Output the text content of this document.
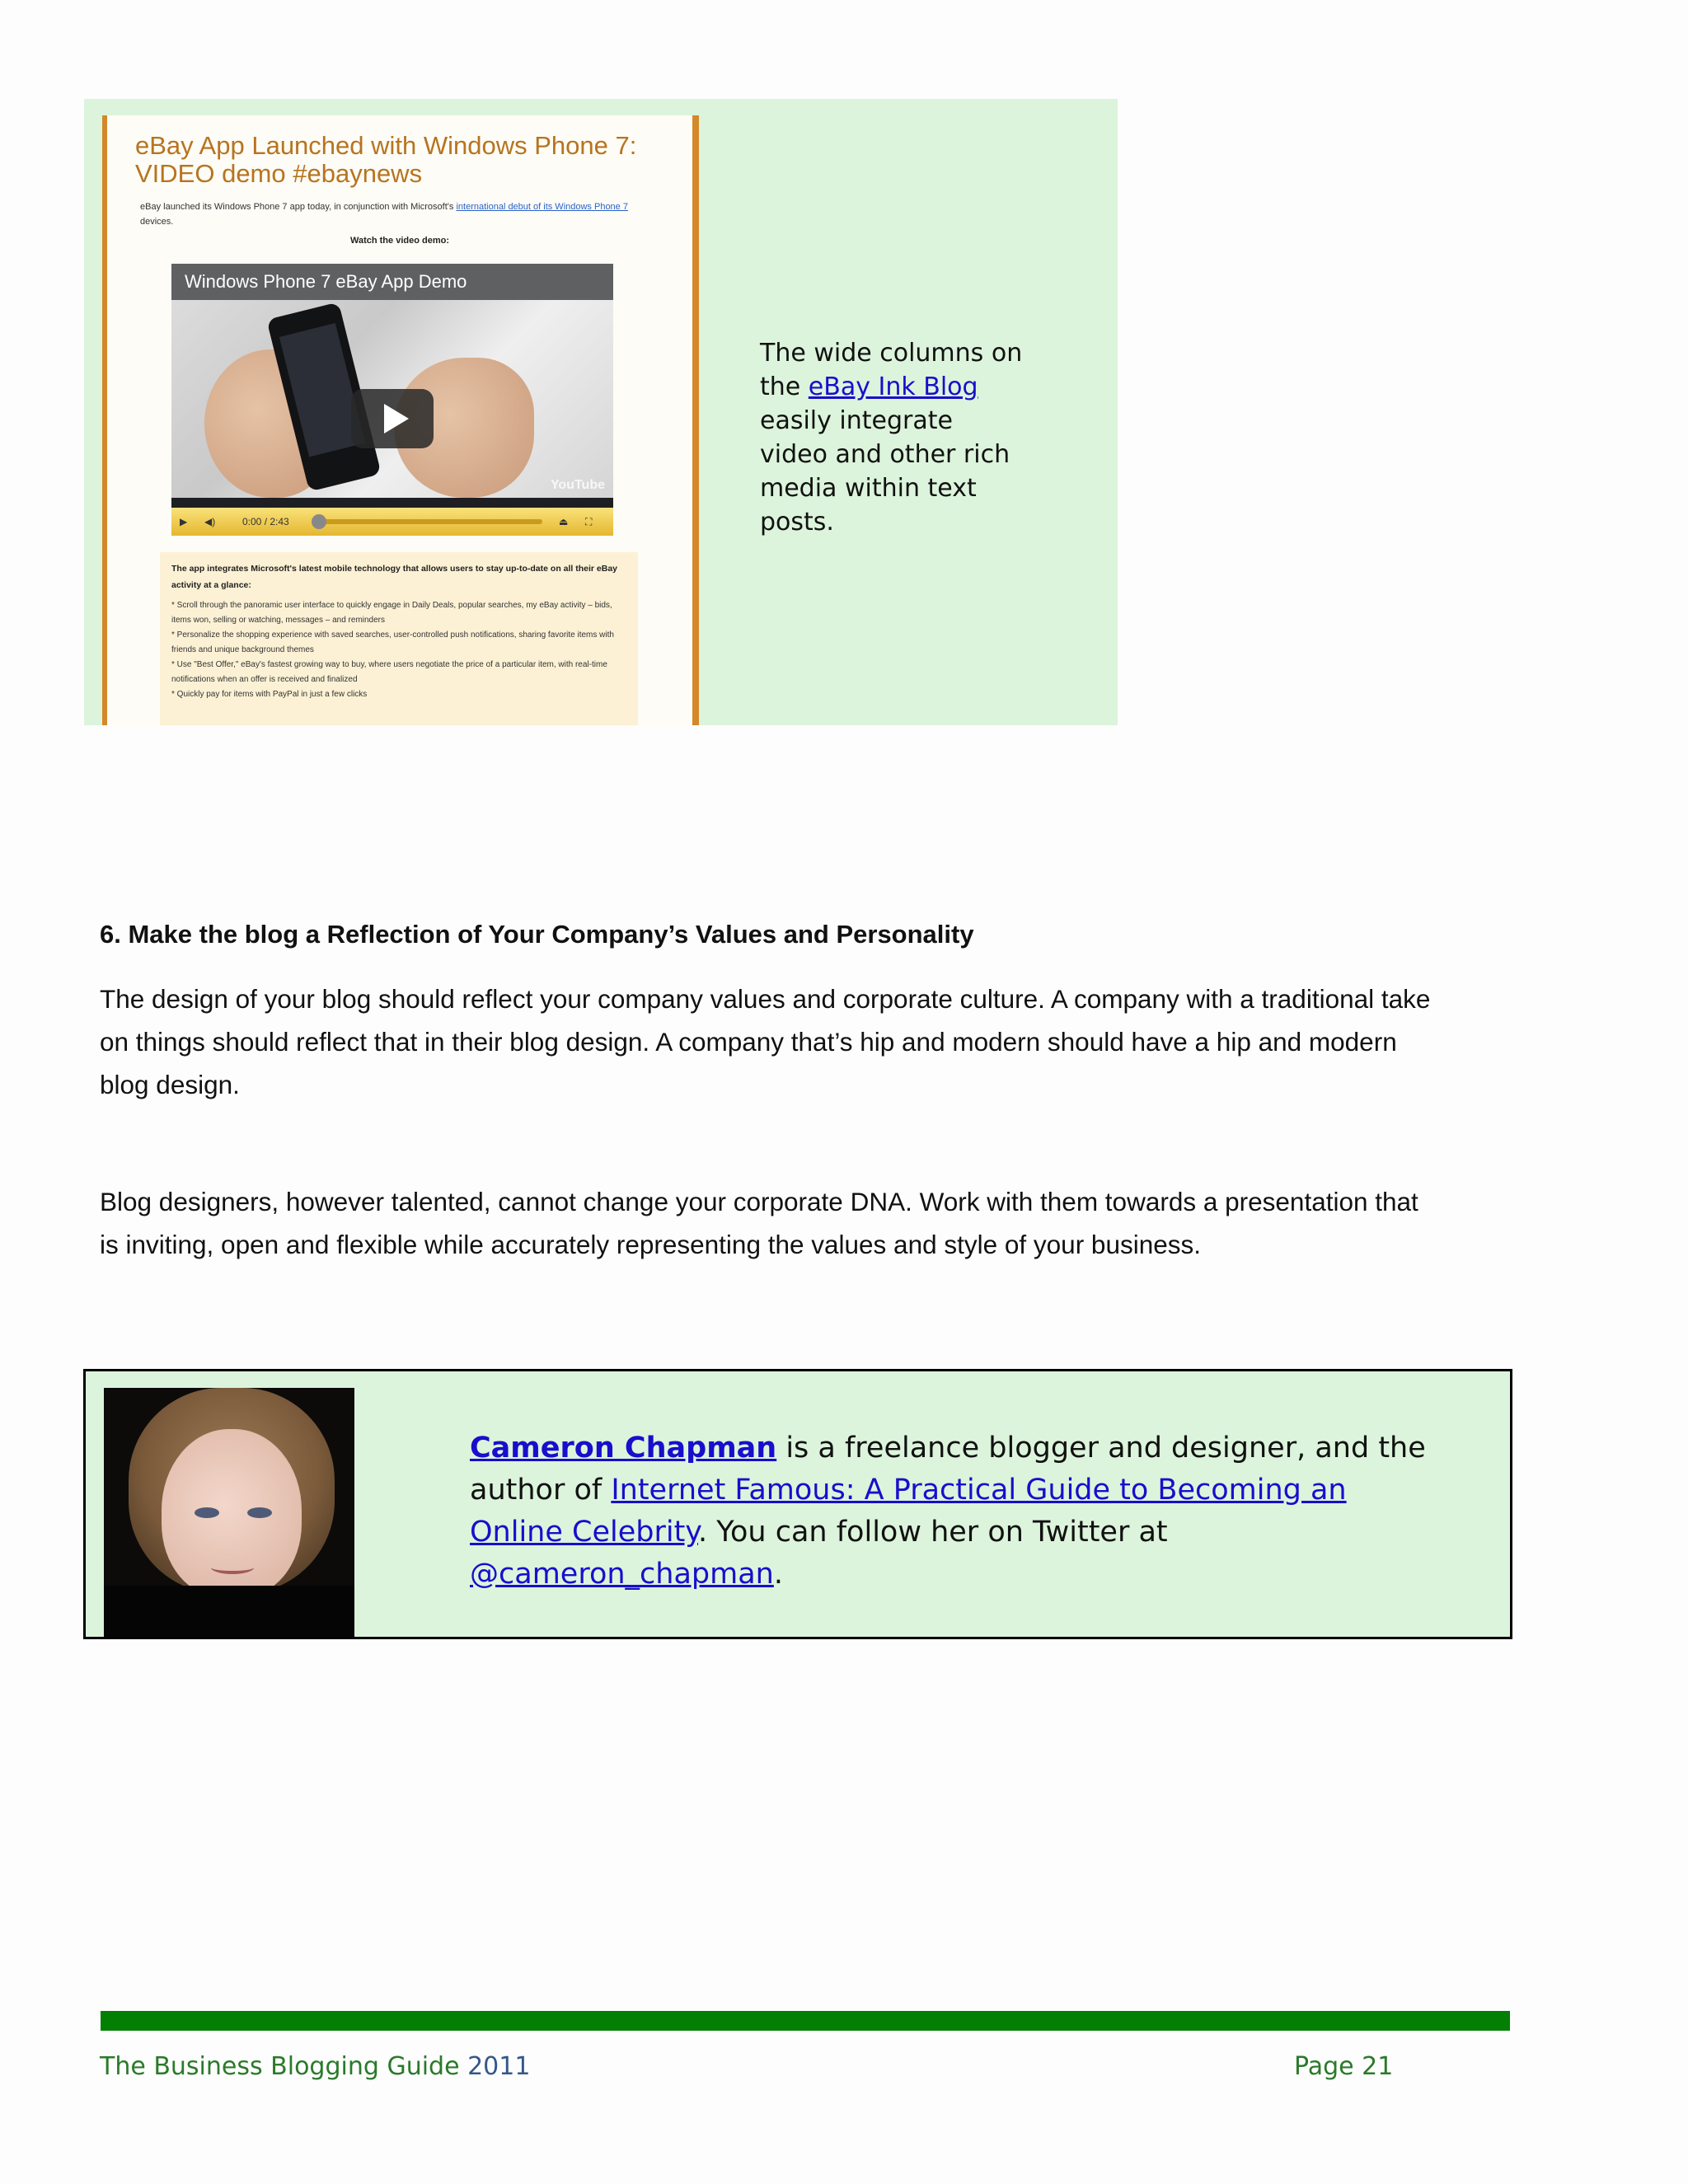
eBay App Launched with Windows Phone 7: VIDEO demo #ebaynews
eBay launched its Windows Phone 7 app today, in conjunction with Microsoft's international debut of its Windows Phone 7 devices.
Watch the video demo:
Windows Phone 7 eBay App Demo
YouTube
▶ ◀)	0:00 / 2:43	⏏ ⛶
The app integrates Microsoft's latest mobile technology that allows users to stay up-to-date on all their eBay activity at a glance:
* Scroll through the panoramic user interface to quickly engage in Daily Deals, popular searches, my eBay activity – bids, items won, selling or watching, messages – and reminders
* Personalize the shopping experience with saved searches, user-controlled push notifications, sharing favorite items with friends and unique background themes
* Use "Best Offer," eBay's fastest growing way to buy, where users negotiate the price of a particular item, with real-time notifications when an offer is received and finalized
* Quickly pay for items with PayPal in just a few clicks
The wide columns on the eBay Ink Blog easily integrate video and other rich media within text posts.
6. Make the blog a Reflection of Your Company’s Values and Personality
The design of your blog should reflect your company values and corporate culture. A company with a traditional take on things should reflect that in their blog design. A company that’s hip and modern should have a hip and modern blog design.
Blog designers, however talented, cannot change your corporate DNA. Work with them towards a presentation that is inviting, open and flexible while accurately representing the values and style of your business.
Cameron Chapman is a freelance blogger and designer, and the author of Internet Famous: A Practical Guide to Becoming an Online Celebrity. You can follow her on Twitter at @cameron_chapman.
The Business Blogging Guide 2011	Page 21
